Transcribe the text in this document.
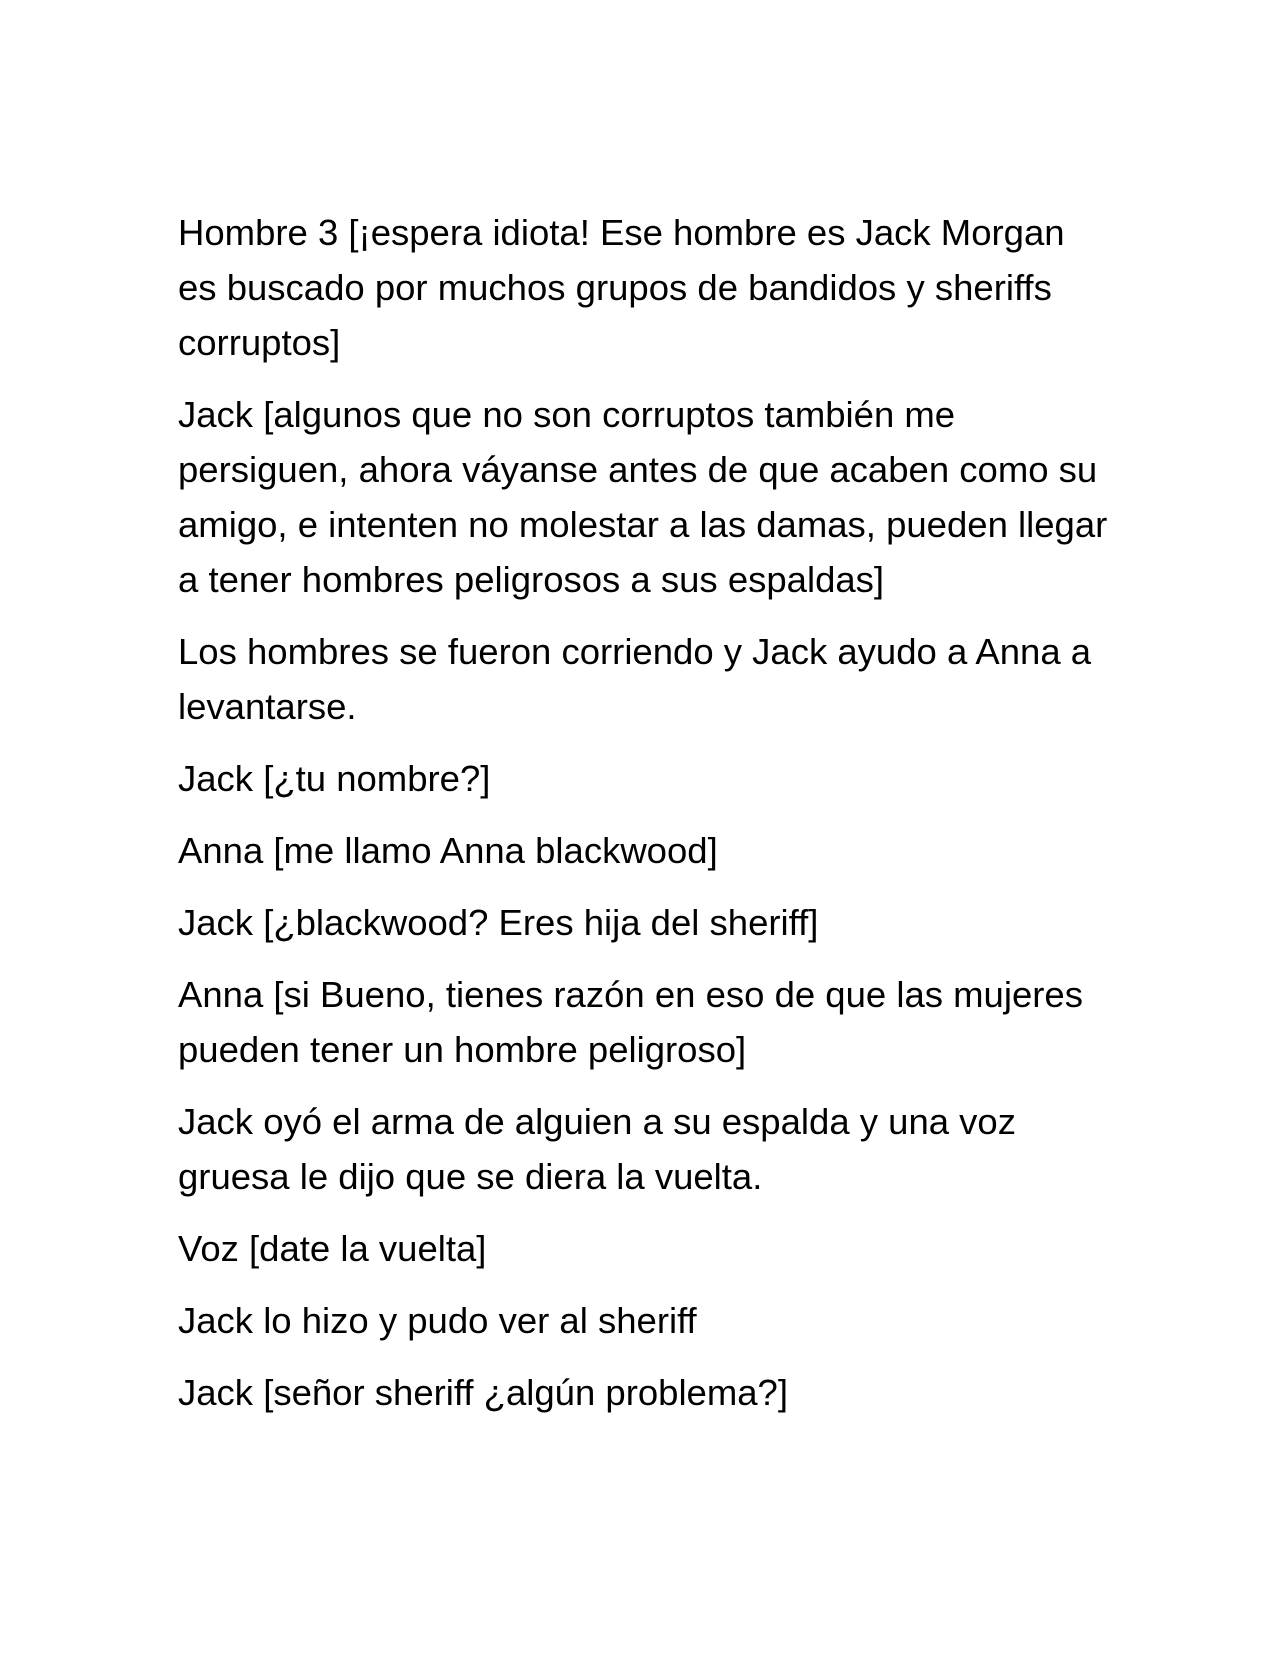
Hombre 3 [¡espera idiota! Ese hombre es Jack Morgan es buscado por muchos grupos de bandidos y sheriffs corruptos]

Jack [algunos que no son corruptos también me persiguen, ahora váyanse antes de que acaben como su amigo, e intenten no molestar a las damas, pueden llegar a tener hombres peligrosos a sus espaldas]

Los hombres se fueron corriendo y Jack ayudo a Anna a levantarse.

Jack [¿tu nombre?]

Anna [me llamo Anna blackwood]

Jack [¿blackwood? Eres hija del sheriff]

Anna [si Bueno, tienes razón en eso de que las mujeres pueden tener un hombre peligroso]

Jack oyó el arma de alguien a su espalda y una voz gruesa le dijo que se diera la vuelta.

Voz [date la vuelta]

Jack lo hizo y pudo ver al sheriff

Jack [señor sheriff ¿algún problema?]
